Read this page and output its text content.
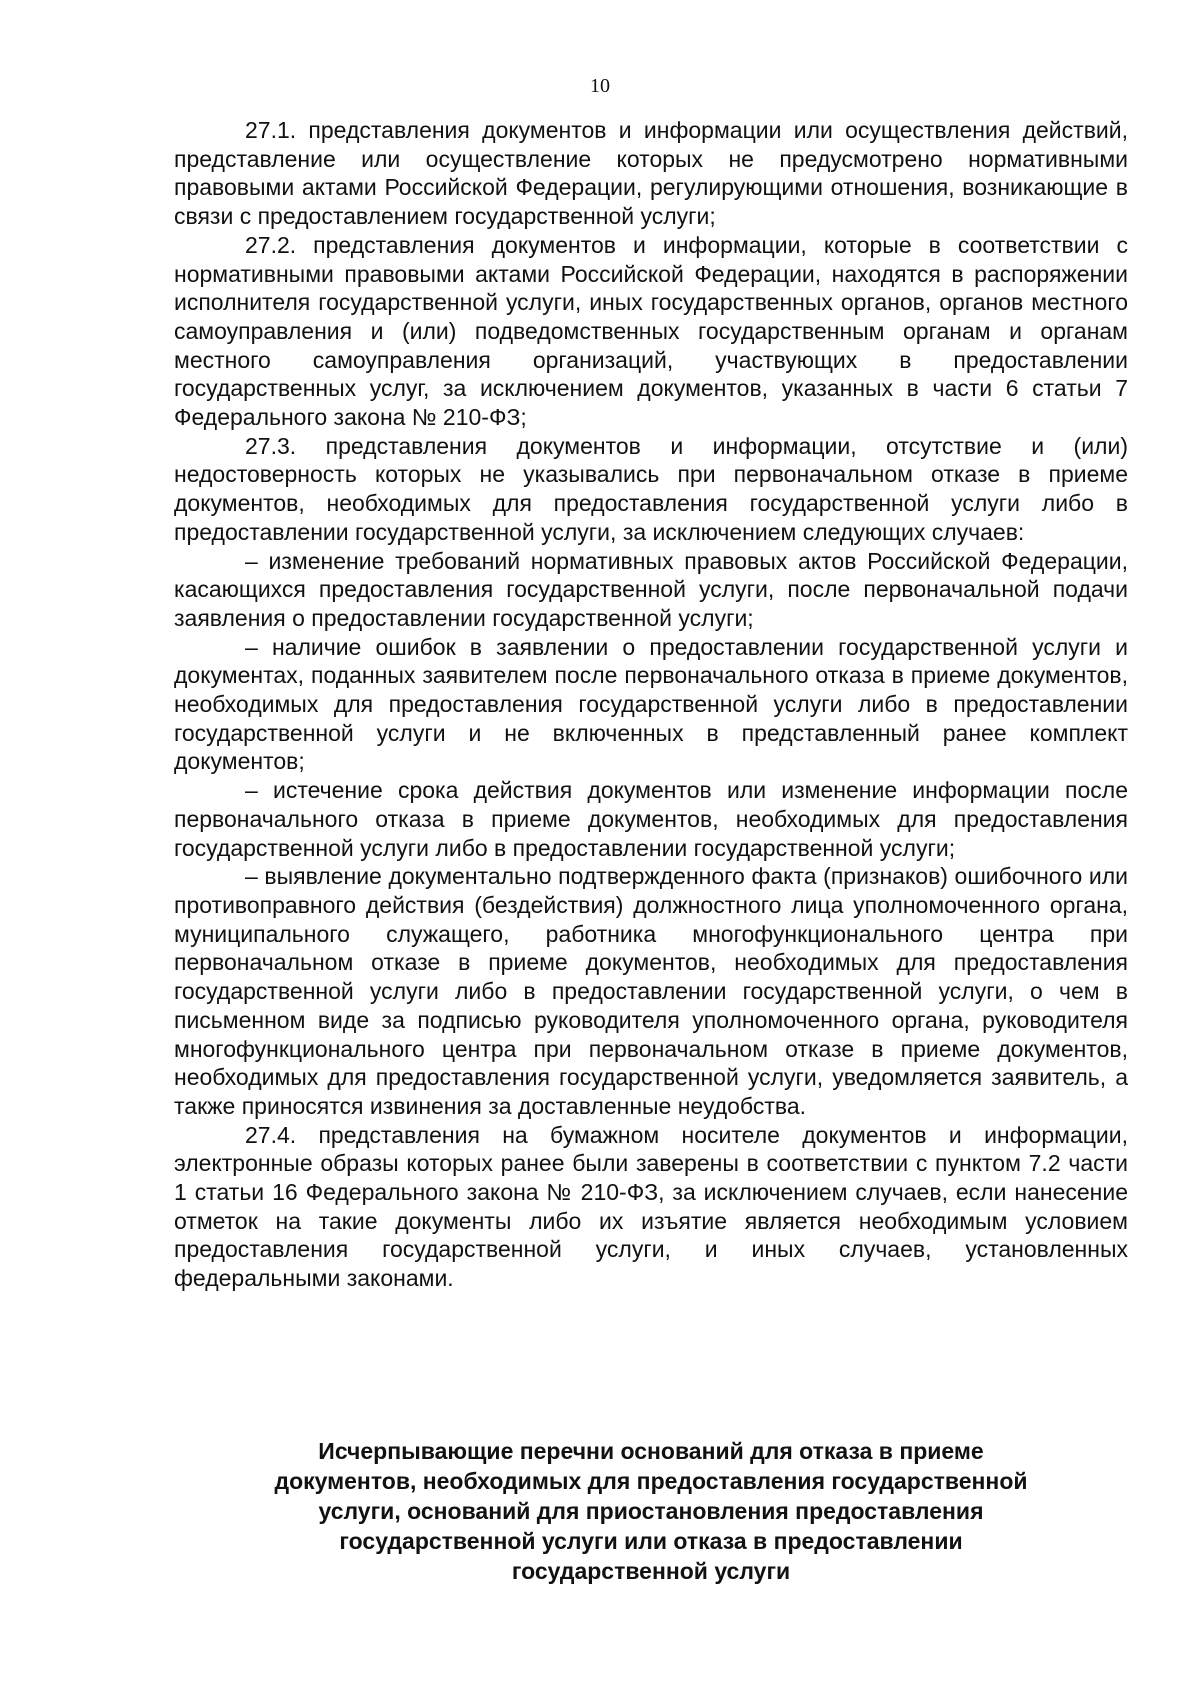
10

27.1. представления документов и информации или осуществления действий, представление или осуществление которых не предусмотрено нормативными правовыми актами Российской Федерации, регулирующими отношения, возникающие в связи с предоставлением государственной услуги;

27.2. представления документов и информации, которые в соответствии с нормативными правовыми актами Российской Федерации, находятся в распоряжении исполнителя государственной услуги, иных государственных органов, органов местного самоуправления и (или) подведомственных государственным органам и органам местного самоуправления организаций, участвующих в предоставлении государственных услуг, за исключением документов, указанных в части 6 статьи 7 Федерального закона № 210-ФЗ;

27.3. представления документов и информации, отсутствие и (или) недостоверность которых не указывались при первоначальном отказе в приеме документов, необходимых для предоставления государственной услуги либо в предоставлении государственной услуги, за исключением следующих случаев:

– изменение требований нормативных правовых актов Российской Федерации, касающихся предоставления государственной услуги, после первоначальной подачи заявления о предоставлении государственной услуги;

– наличие ошибок в заявлении о предоставлении государственной услуги и документах, поданных заявителем после первоначального отказа в приеме документов, необходимых для предоставления государственной услуги либо в предоставлении государственной услуги и не включенных в представленный ранее комплект документов;

– истечение срока действия документов или изменение информации после первоначального отказа в приеме документов, необходимых для предоставления государственной услуги либо в предоставлении государственной услуги;

– выявление документально подтвержденного факта (признаков) ошибочного или противоправного действия (бездействия) должностного лица уполномоченного органа, муниципального служащего, работника многофункционального центра при первоначальном отказе в приеме документов, необходимых для предоставления государственной услуги либо в предоставлении государственной услуги, о чем в письменном виде за подписью руководителя уполномоченного органа, руководителя многофункционального центра при первоначальном отказе в приеме документов, необходимых для предоставления государственной услуги, уведомляется заявитель, а также приносятся извинения за доставленные неудобства.

27.4. представления на бумажном носителе документов и информации, электронные образы которых ранее были заверены в соответствии с пунктом 7.2 части 1 статьи 16 Федерального закона № 210-ФЗ, за исключением случаев, если нанесение отметок на такие документы либо их изъятие является необходимым условием предоставления государственной услуги, и иных случаев, установленных федеральными законами.

Исчерпывающие перечни оснований для отказа в приеме
документов, необходимых для предоставления государственной
услуги, оснований для приостановления предоставления
государственной услуги или отказа в предоставлении
государственной услуги
